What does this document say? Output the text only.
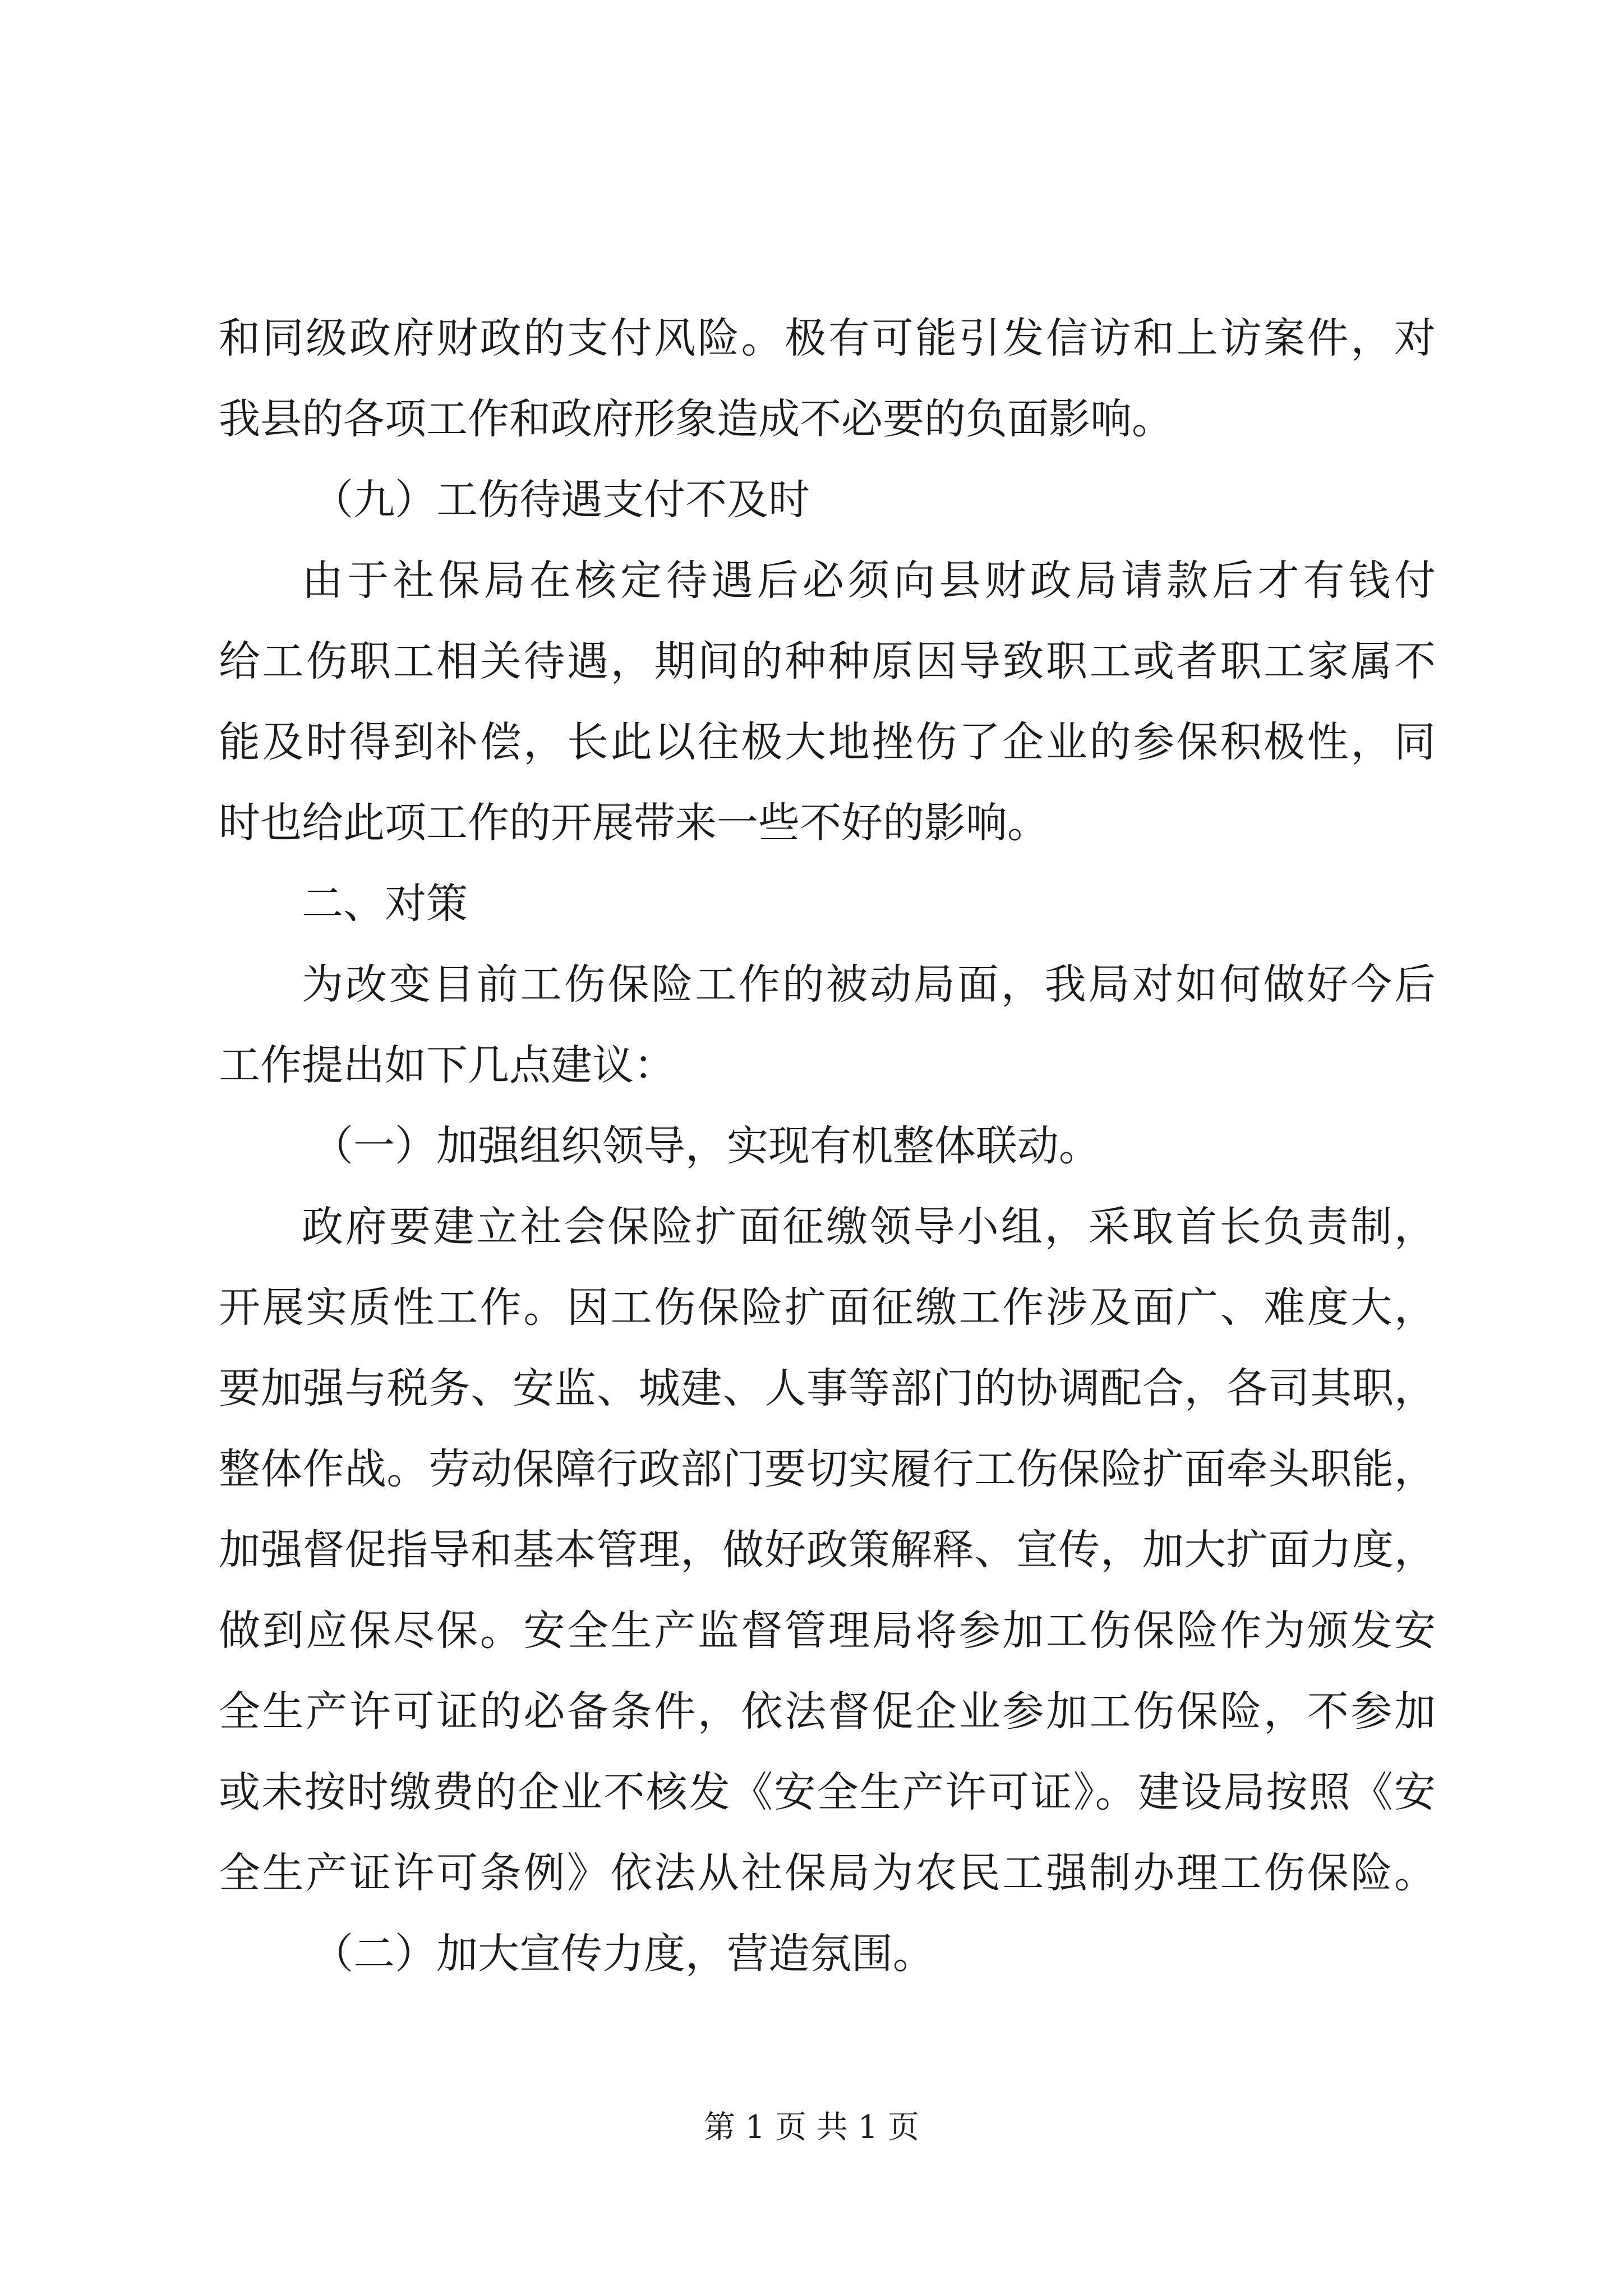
和同级政府财政的支付风险。极有可能引发信访和上访案件，对
我县的各项工作和政府形象造成不必要的负面影响。
（九）工伤待遇支付不及时
由于社保局在核定待遇后必须向县财政局请款后才有钱付
给工伤职工相关待遇，期间的种种原因导致职工或者职工家属不
能及时得到补偿，长此以往极大地挫伤了企业的参保积极性，同
时也给此项工作的开展带来一些不好的影响。
二、对策
为改变目前工伤保险工作的被动局面，我局对如何做好今后
工作提出如下几点建议：
（一）加强组织领导，实现有机整体联动。
政府要建立社会保险扩面征缴领导小组，采取首长负责制，
开展实质性工作。因工伤保险扩面征缴工作涉及面广、难度大，
要加强与税务、安监、城建、人事等部门的协调配合，各司其职，
整体作战。劳动保障行政部门要切实履行工伤保险扩面牵头职能，
加强督促指导和基本管理，做好政策解释、宣传，加大扩面力度，
做到应保尽保。安全生产监督管理局将参加工伤保险作为颁发安
全生产许可证的必备条件，依法督促企业参加工伤保险，不参加
或未按时缴费的企业不核发《安全生产许可证》。建设局按照《安
全生产证许可条例》依法从社保局为农民工强制办理工伤保险。
（二）加大宣传力度，营造氛围。
第 1 页 共 1 页
